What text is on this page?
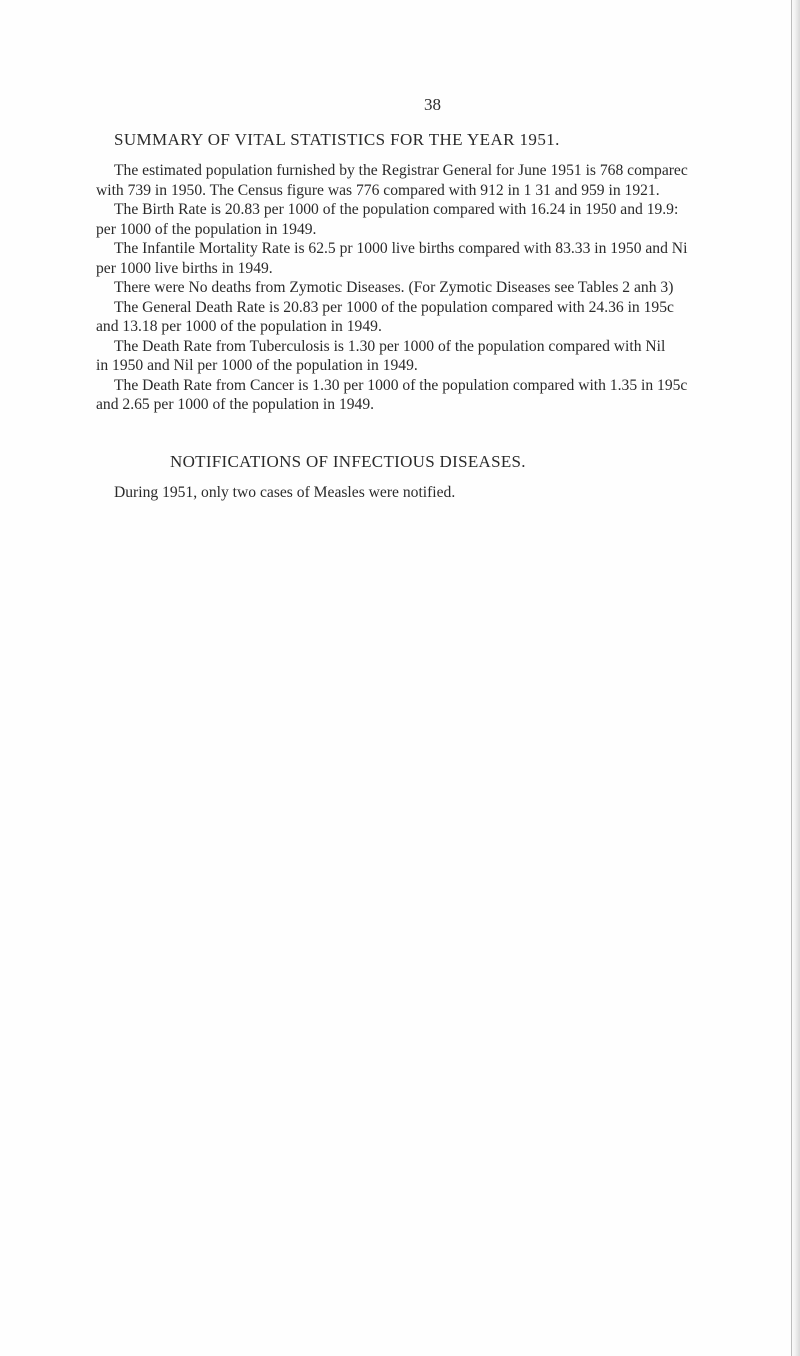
38
SUMMARY OF VITAL STATISTICS FOR THE YEAR 1951.
The estimated population furnished by the Registrar General for June 1951 is 768 comparec
with 739 in 1950. The Census figure was 776 compared with 912 in 1 31 and 959 in 1921.
The Birth Rate is 20.83 per 1000 of the population compared with 16.24 in 1950 and 19.9:
per 1000 of the population in 1949.
The Infantile Mortality Rate is 62.5 pr 1000 live births compared with 83.33 in 1950 and Ni
per 1000 live births in 1949.
There were No deaths from Zymotic Diseases. (For Zymotic Diseases see Tables 2 anh 3)
The General Death Rate is 20.83 per 1000 of the population compared with 24.36 in 195c
and 13.18 per 1000 of the population in 1949.
The Death Rate from Tuberculosis is 1.30 per 1000 of the population compared with Nil
in 1950 and Nil per 1000 of the population in 1949.
The Death Rate from Cancer is 1.30 per 1000 of the population compared with 1.35 in 195c
and 2.65 per 1000 of the population in 1949.
NOTIFICATIONS OF INFECTIOUS DISEASES.
During 1951, only two cases of Measles were notified.
